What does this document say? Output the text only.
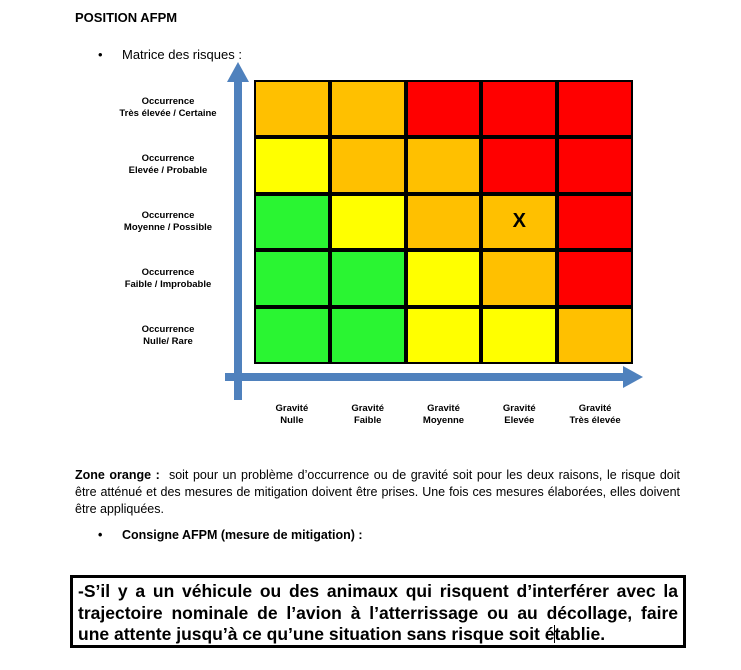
POSITION AFPM
• Matrice des risques :
Occurrence
Très élevée / Certaine
Occurrence
Elevée / Probable
Occurrence
Moyenne / Possible
Occurrence
Faible / Improbable
Occurrence
Nulle/ Rare
X
Gravité
Nulle
Gravité
Faible
Gravité
Moyenne
Gravité
Elevée
Gravité
Très élevée
Zone orange :  soit pour un problème d’occurrence ou de gravité soit pour les deux raisons, le risque doit être atténué et des mesures de mitigation doivent être prises. Une fois ces mesures élaborées, elles doivent être appliquées.
• Consigne AFPM (mesure de mitigation) :
-S’il y a un véhicule ou des animaux qui risquent d’interférer avec la trajectoire nominale de l’avion à l’atterrissage ou au décollage, faire une attente jusqu’à ce qu’une situation sans risque soit établie.
